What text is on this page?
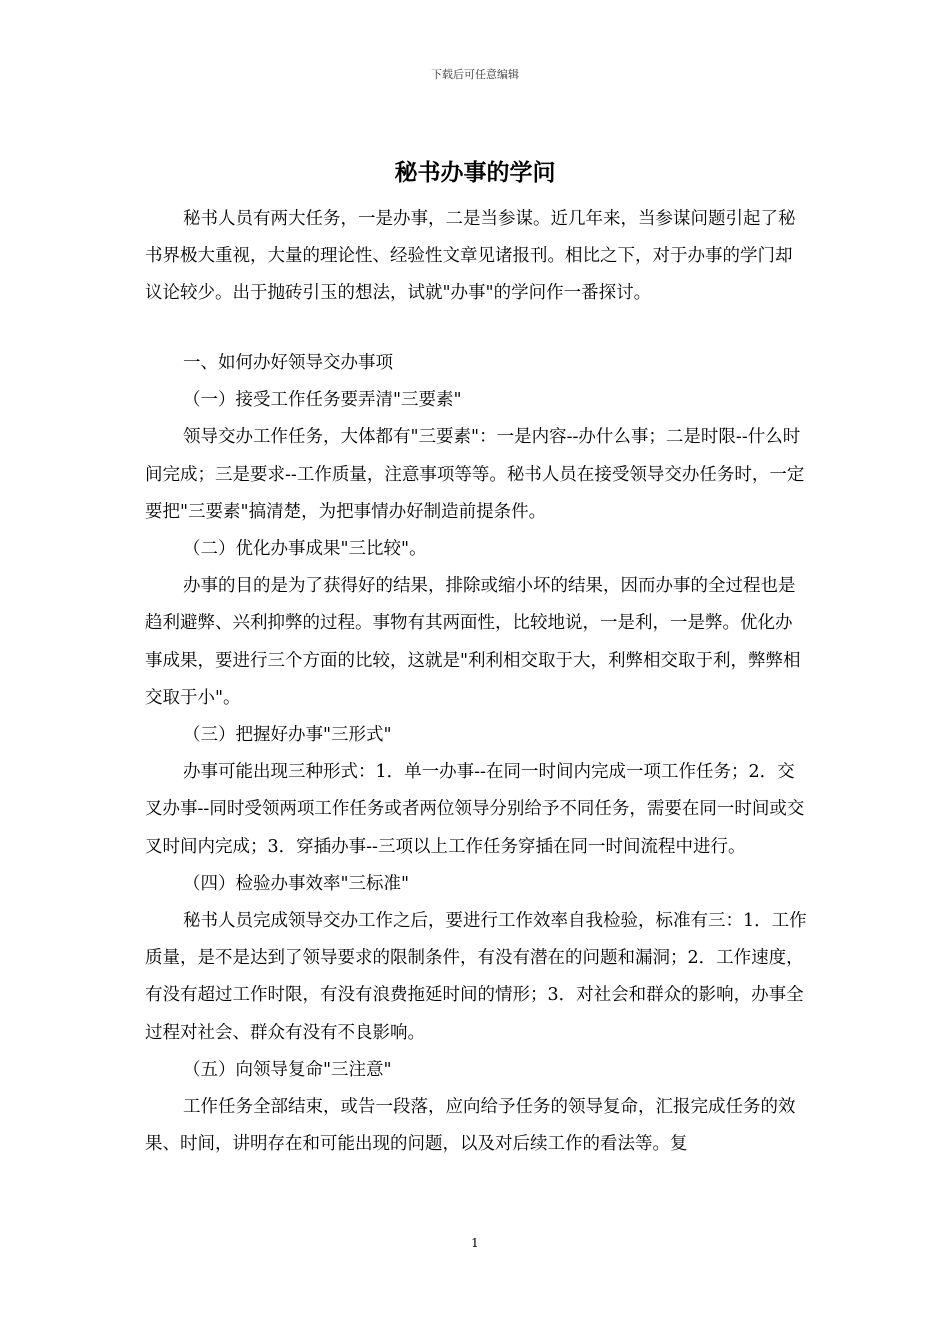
下载后可任意编辑
秘书办事的学问

秘书人员有两大任务，一是办事，二是当参谋。近几年来，当参谋问题引起了秘书界极大重视，大量的理论性、经验性文章见诸报刊。相比之下，对于办事的学门却议论较少。出于抛砖引玉的想法，试就"办事"的学问作一番探讨。

一、如何办好领导交办事项

（一）接受工作任务要弄清"三要素"

领导交办工作任务，大体都有"三要素"：一是内容--办什么事；二是时限--什么时间完成；三是要求--工作质量，注意事项等等。秘书人员在接受领导交办任务时，一定要把"三要素"搞清楚，为把事情办好制造前提条件。

（二）优化办事成果"三比较"。

办事的目的是为了获得好的结果，排除或缩小坏的结果，因而办事的全过程也是趋利避弊、兴利抑弊的过程。事物有其两面性，比较地说，一是利，一是弊。优化办事成果，要进行三个方面的比较，这就是"利利相交取于大，利弊相交取于利，弊弊相交取于小"。

（三）把握好办事"三形式"

办事可能出现三种形式：1．单一办事--在同一时间内完成一项工作任务；2．交叉办事--同时受领两项工作任务或者两位领导分别给予不同任务，需要在同一时间或交叉时间内完成；3．穿插办事--三项以上工作任务穿插在同一时间流程中进行。

（四）检验办事效率"三标准"

秘书人员完成领导交办工作之后，要进行工作效率自我检验，标准有三：1．工作质量，是不是达到了领导要求的限制条件，有没有潜在的问题和漏洞；2．工作速度，有没有超过工作时限，有没有浪费拖延时间的情形；3．对社会和群众的影响，办事全过程对社会、群众有没有不良影响。

（五）向领导复命"三注意"

工作任务全部结束，或告一段落，应向给予任务的领导复命，汇报完成任务的效果、时间，讲明存在和可能出现的问题，以及对后续工作的看法等。复

1
